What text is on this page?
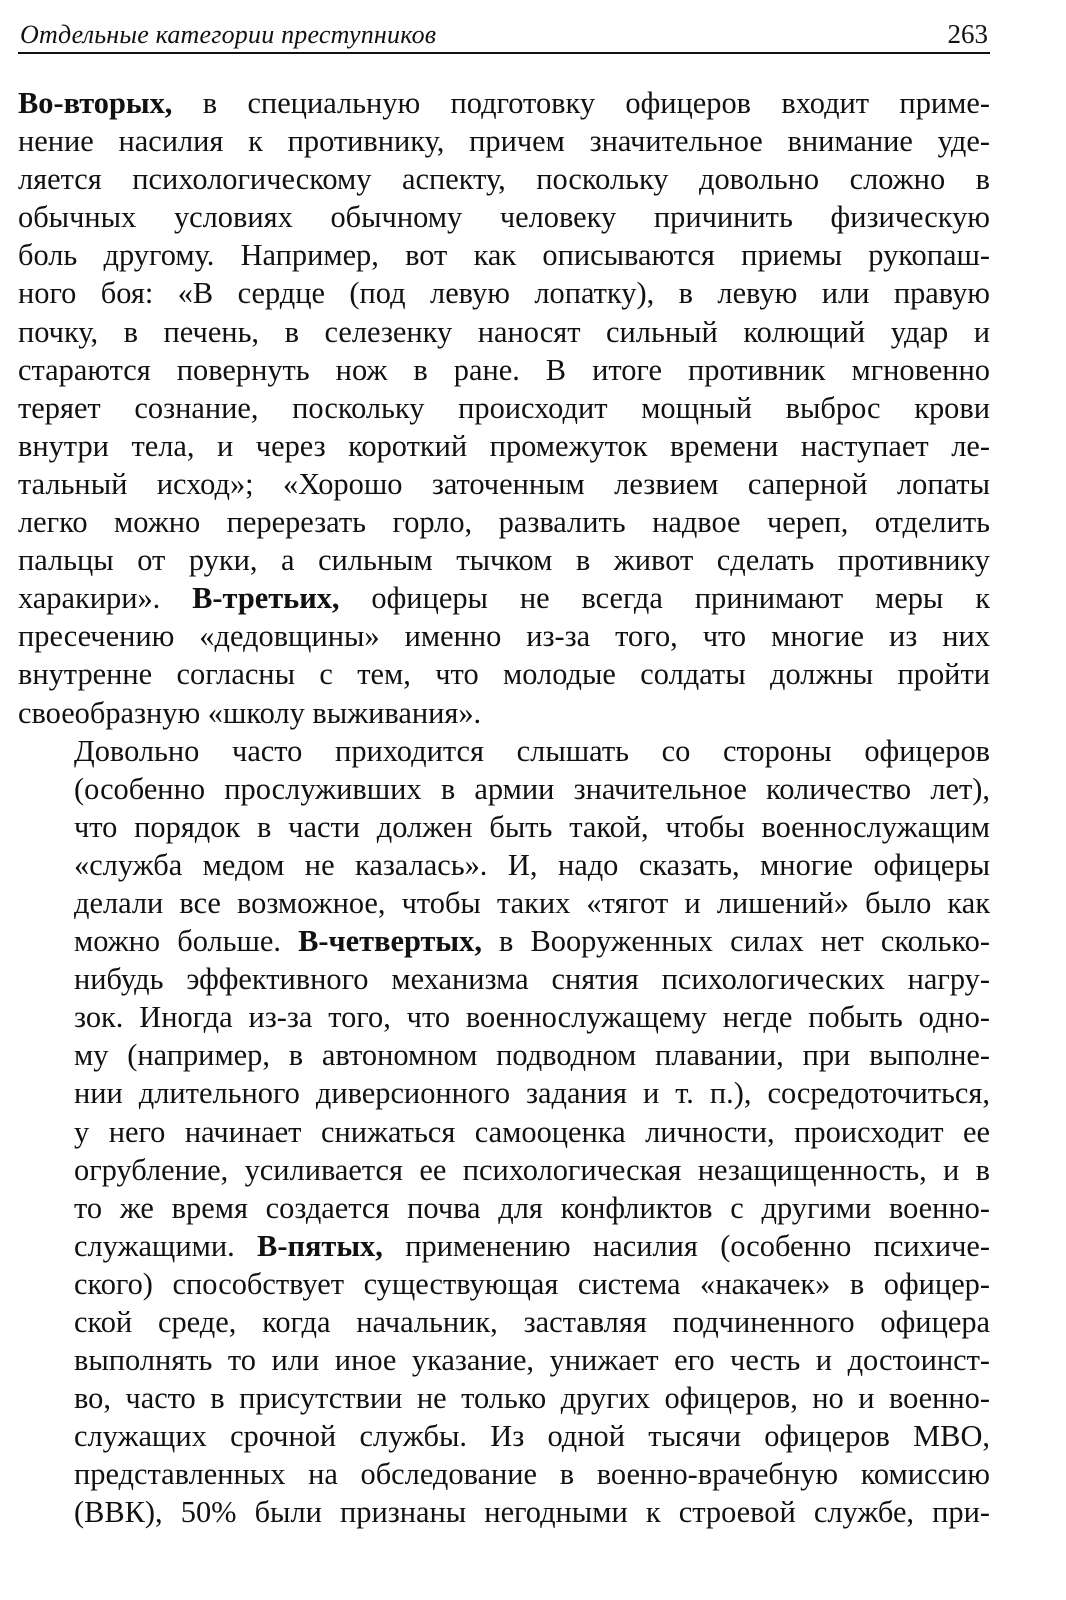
Отдельные категории преступников	263

Во-вторых, в специальную подготовку офицеров входит приме-
нение насилия к противнику, причем значительное внимание уде-
ляется психологическому аспекту, поскольку довольно сложно в
обычных условиях обычному человеку причинить физическую
боль другому. Например, вот как описываются приемы рукопаш-
ного боя: «В сердце (под левую лопатку), в левую или правую
почку, в печень, в селезенку наносят сильный колющий удар и
стараются повернуть нож в ране. В итоге противник мгновенно
теряет сознание, поскольку происходит мощный выброс крови
внутри тела, и через короткий промежуток времени наступает ле-
тальный исход»; «Хорошо заточенным лезвием саперной лопаты
легко можно перерезать горло, развалить надвое череп, отделить
пальцы от руки, а сильным тычком в живот сделать противнику
харакири». В-третьих, офицеры не всегда принимают меры к
пресечению «дедовщины» именно из-за того, что многие из них
внутренне согласны с тем, что молодые солдаты должны пройти
своеобразную «школу выживания».

Довольно часто приходится слышать со стороны офицеров
(особенно прослуживших в армии значительное количество лет),
что порядок в части должен быть такой, чтобы военнослужащим
«служба медом не казалась». И, надо сказать, многие офицеры
делали все возможное, чтобы таких «тягот и лишений» было как
можно больше. В-четвертых, в Вооруженных силах нет сколько-
нибудь эффективного механизма снятия психологических нагру-
зок. Иногда из-за того, что военнослужащему негде побыть одно-
му (например, в автономном подводном плавании, при выполне-
нии длительного диверсионного задания и т. п.), сосредоточиться,
у него начинает снижаться самооценка личности, происходит ее
огрубление, усиливается ее психологическая незащищенность, и в
то же время создается почва для конфликтов с другими военно-
служащими. В-пятых, применению насилия (особенно психиче-
ского) способствует существующая система «накачек» в офицер-
ской среде, когда начальник, заставляя подчиненного офицера
выполнять то или иное указание, унижает его честь и достоинст-
во, часто в присутствии не только других офицеров, но и военно-
служащих срочной службы. Из одной тысячи офицеров МВО,
представленных на обследование в военно-врачебную комиссию
(ВВК), 50% были признаны негодными к строевой службе, при-
